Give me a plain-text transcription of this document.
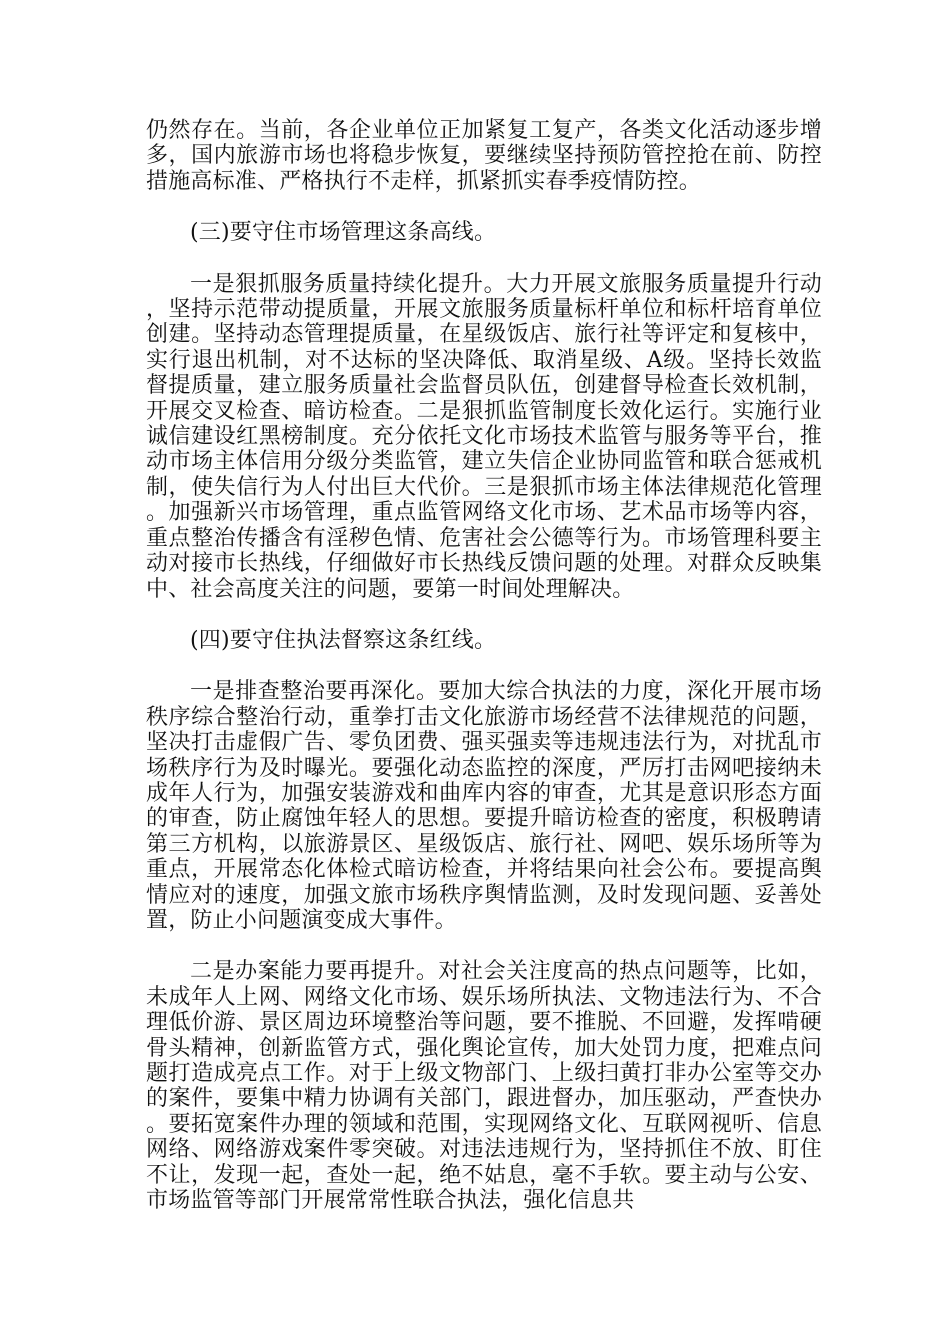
仍然存在。当前，各企业单位正加紧复工复产，各类文化活动逐步增多，国内旅游市场也将稳步恢复，要继续坚持预防管控抢在前、防控措施高标准、严格执行不走样，抓紧抓实春季疫情防控。

(三)要守住市场管理这条高线。

一是狠抓服务质量持续化提升。大力开展文旅服务质量提升行动，坚持示范带动提质量，开展文旅服务质量标杆单位和标杆培育单位创建。坚持动态管理提质量，在星级饭店、旅行社等评定和复核中，实行退出机制，对不达标的坚决降低、取消星级、A级。坚持长效监督提质量，建立服务质量社会监督员队伍，创建督导检查长效机制，开展交叉检查、暗访检查。二是狠抓监管制度长效化运行。实施行业诚信建设红黑榜制度。充分依托文化市场技术监管与服务等平台，推动市场主体信用分级分类监管，建立失信企业协同监管和联合惩戒机制，使失信行为人付出巨大代价。三是狠抓市场主体法律规范化管理。加强新兴市场管理，重点监管网络文化市场、艺术品市场等内容，重点整治传播含有淫秽色情、危害社会公德等行为。市场管理科要主动对接市长热线，仔细做好市长热线反馈问题的处理。对群众反映集中、社会高度关注的问题，要第一时间处理解决。

(四)要守住执法督察这条红线。

一是排查整治要再深化。要加大综合执法的力度，深化开展市场秩序综合整治行动，重拳打击文化旅游市场经营不法律规范的问题，坚决打击虚假广告、零负团费、强买强卖等违规违法行为，对扰乱市场秩序行为及时曝光。要强化动态监控的深度，严厉打击网吧接纳未成年人行为，加强安装游戏和曲库内容的审查，尤其是意识形态方面的审查，防止腐蚀年轻人的思想。要提升暗访检查的密度，积极聘请第三方机构，以旅游景区、星级饭店、旅行社、网吧、娱乐场所等为重点，开展常态化体检式暗访检查，并将结果向社会公布。要提高舆情应对的速度，加强文旅市场秩序舆情监测，及时发现问题、妥善处置，防止小问题演变成大事件。

二是办案能力要再提升。对社会关注度高的热点问题等，比如，未成年人上网、网络文化市场、娱乐场所执法、文物违法行为、不合理低价游、景区周边环境整治等问题，要不推脱、不回避，发挥啃硬骨头精神，创新监管方式，强化舆论宣传，加大处罚力度，把难点问题打造成亮点工作。对于上级文物部门、上级扫黄打非办公室等交办的案件，要集中精力协调有关部门，跟进督办，加压驱动，严查快办。要拓宽案件办理的领域和范围，实现网络文化、互联网视听、信息网络、网络游戏案件零突破。对违法违规行为，坚持抓住不放、盯住不让，发现一起，查处一起，绝不姑息，毫不手软。要主动与公安、市场监管等部门开展常常性联合执法，强化信息共
